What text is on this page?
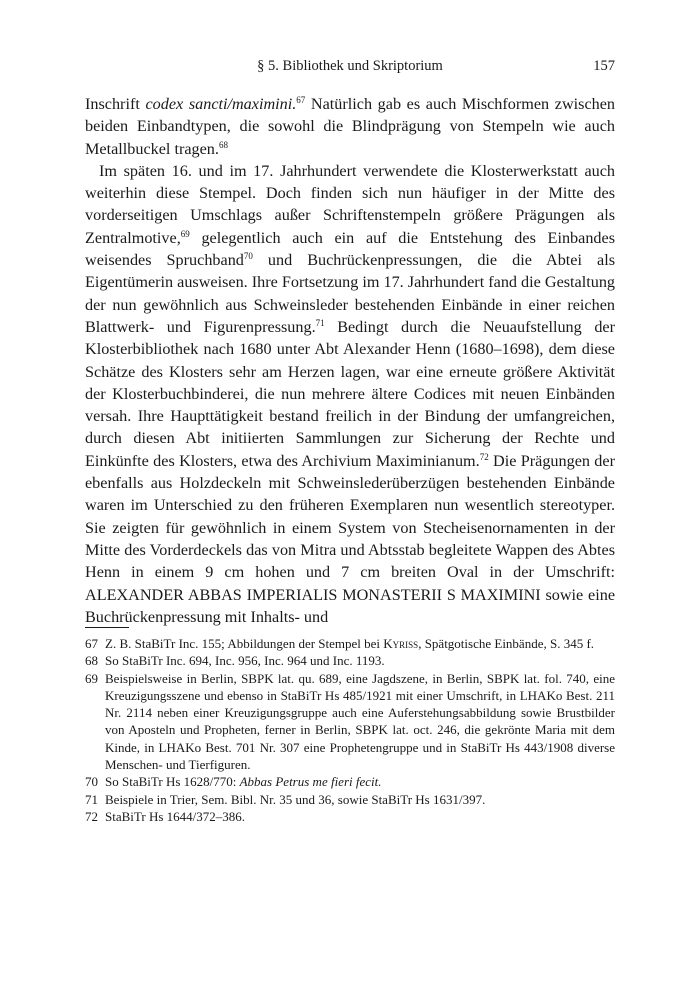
§ 5. Bibliothek und Skriptorium	157

Inschrift codex sancti/maximini.$^{67}$ Natürlich gab es auch Mischformen zwischen beiden Einbandtypen, die sowohl die Blindprägung von Stempeln wie auch Metallbuckel tragen.$^{68}$

Im späten 16. und im 17. Jahrhundert verwendete die Klosterwerkstatt auch weiterhin diese Stempel. Doch finden sich nun häufiger in der Mitte des vorderseitigen Umschlags außer Schriftenstempeln größere Prägungen als Zentralmotive,$^{69}$ gelegentlich auch ein auf die Entstehung des Einbandes weisendes Spruchband$^{70}$ und Buchrückenpressungen, die die Abtei als Eigentümerin ausweisen. Ihre Fortsetzung im 17. Jahrhundert fand die Gestaltung der nun gewöhnlich aus Schweinsleder bestehenden Einbände in einer reichen Blattwerk- und Figurenpressung.$^{71}$ Bedingt durch die Neuaufstellung der Klosterbibliothek nach 1680 unter Abt Alexander Henn (1680–1698), dem diese Schätze des Klosters sehr am Herzen lagen, war eine erneute größere Aktivität der Klosterbuchbinderei, die nun mehrere ältere Codices mit neuen Einbänden versah. Ihre Haupttätigkeit bestand freilich in der Bindung der umfangreichen, durch diesen Abt initiierten Sammlungen zur Sicherung der Rechte und Einkünfte des Klosters, etwa des Archivium Maximinianum.$^{72}$ Die Prägungen der ebenfalls aus Holzdeckeln mit Schweinslederüberzügen bestehenden Einbände waren im Unterschied zu den früheren Exemplaren nun wesentlich stereotyper. Sie zeigten für gewöhnlich in einem System von Stecheisenornamenten in der Mitte des Vorderdeckels das von Mitra und Abtsstab begleitete Wappen des Abtes Henn in einem 9 cm hohen und 7 cm breiten Oval in der Umschrift: ALEXANDER ABBAS IMPERIALIS MONASTERII S MAXIMINI sowie eine Buchrückenpressung mit Inhalts- und

67 Z. B. StaBiTr Inc. 155; Abbildungen der Stempel bei Kyriss, Spätgotische Einbände, S. 345 f.
68 So StaBiTr Inc. 694, Inc. 956, Inc. 964 und Inc. 1193.
69 Beispielsweise in Berlin, SBPK lat. qu. 689, eine Jagdszene, in Berlin, SBPK lat. fol. 740, eine Kreuzigungsszene und ebenso in StaBiTr Hs 485/1921 mit einer Umschrift, in LHAKo Best. 211 Nr. 2114 neben einer Kreuzigungsgruppe auch eine Auferstehungsabbildung sowie Brustbilder von Aposteln und Propheten, ferner in Berlin, SBPK lat. oct. 246, die gekrönte Maria mit dem Kinde, in LHAKo Best. 701 Nr. 307 eine Prophetengruppe und in StaBiTr Hs 443/1908 diverse Menschen- und Tierfiguren.
70 So StaBiTr Hs 1628/770: Abbas Petrus me fieri fecit.
71 Beispiele in Trier, Sem. Bibl. Nr. 35 und 36, sowie StaBiTr Hs 1631/397.
72 StaBiTr Hs 1644/372–386.
